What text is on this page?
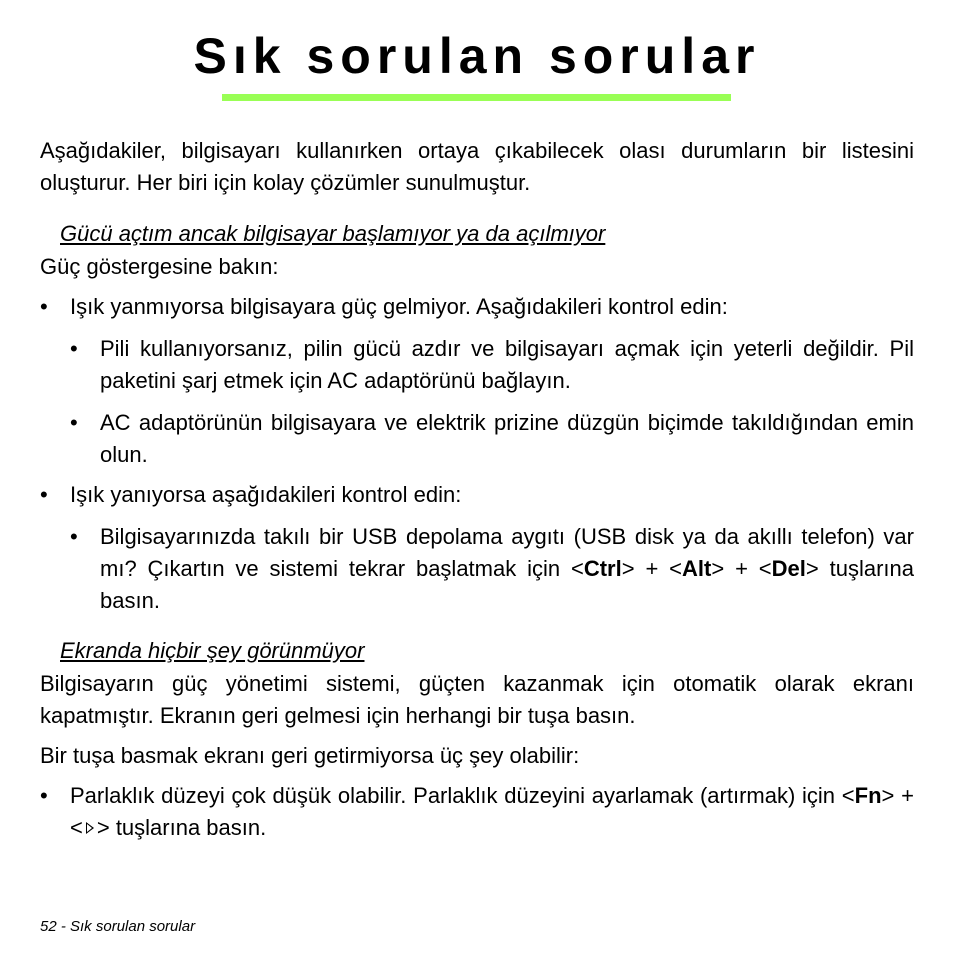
Sık sorulan sorular

Aşağıdakiler, bilgisayarı kullanırken ortaya çıkabilecek olası durumların bir listesini oluşturur. Her biri için kolay çözümler sunulmuştur.

Gücü açtım ancak bilgisayar başlamıyor ya da açılmıyor

Güç göstergesine bakın:

• Işık yanmıyorsa bilgisayara güç gelmiyor. Aşağıdakileri kontrol edin:
• Pili kullanıyorsanız, pilin gücü azdır ve bilgisayarı açmak için yeterli değildir. Pil paketini şarj etmek için AC adaptörünü bağlayın.
• AC adaptörünün bilgisayara ve elektrik prizine düzgün biçimde takıldığından emin olun.
• Işık yanıyorsa aşağıdakileri kontrol edin:
• Bilgisayarınızda takılı bir USB depolama aygıtı (USB disk ya da akıllı telefon) var mı? Çıkartın ve sistemi tekrar başlatmak için <Ctrl> + <Alt> + <Del> tuşlarına basın.

Ekranda hiçbir şey görünmüyor

Bilgisayarın güç yönetimi sistemi, güçten kazanmak için otomatik olarak ekranı kapatmıştır. Ekranın geri gelmesi için herhangi bir tuşa basın.

Bir tuşa basmak ekranı geri getirmiyorsa üç şey olabilir:

• Parlaklık düzeyi çok düşük olabilir. Parlaklık düzeyini ayarlamak (artırmak) için <Fn> + < > tuşlarına basın.
52 - Sık sorulan sorular
